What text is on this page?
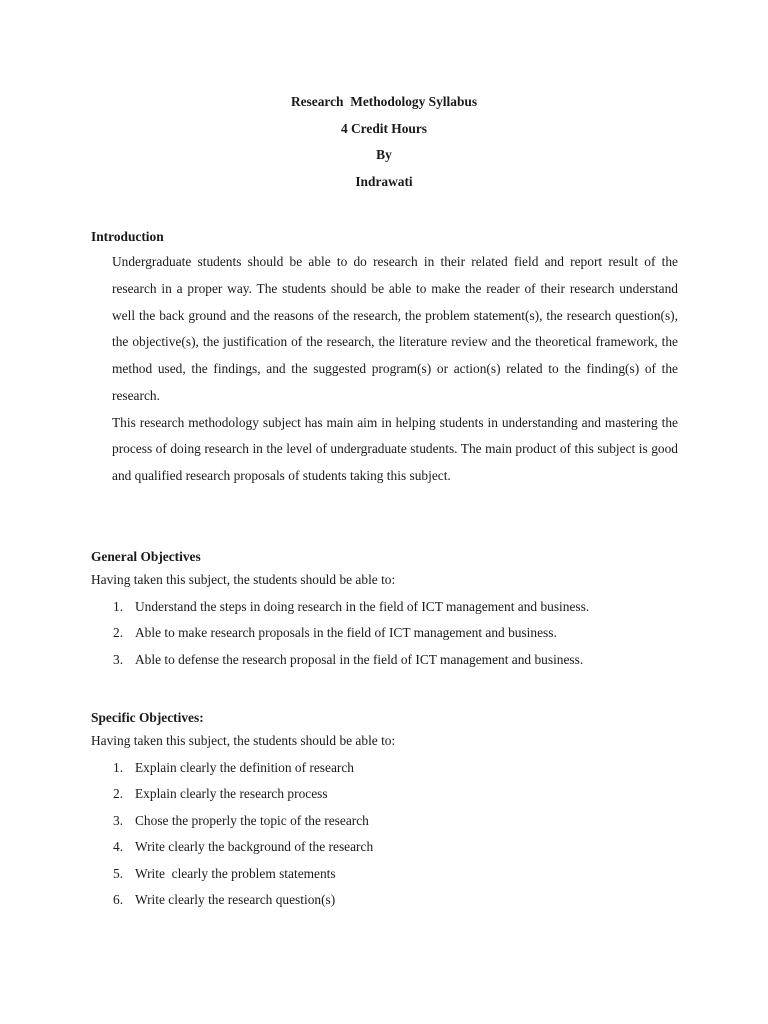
Research  Methodology Syllabus
4 Credit Hours
By
Indrawati
Introduction
Undergraduate students should be able to do research in their related field and report result of the research in a proper way. The students should be able to make the reader of their research understand well the back ground and the reasons of the research, the problem statement(s), the research question(s), the objective(s), the justification of the research, the literature review and the theoretical framework, the method used, the findings, and the suggested program(s) or action(s) related to the finding(s) of the research.
This research methodology subject has main aim in helping students in understanding and mastering the process of doing research in the level of undergraduate students. The main product of this subject is good and qualified research proposals of students taking this subject.
General Objectives
Having taken this subject, the students should be able to:
1. Understand the steps in doing research in the field of ICT management and business.
2. Able to make research proposals in the field of ICT management and business.
3. Able to defense the research proposal in the field of ICT management and business.
Specific Objectives:
Having taken this subject, the students should be able to:
1. Explain clearly the definition of research
2. Explain clearly the research process
3. Chose the properly the topic of the research
4. Write clearly the background of the research
5. Write  clearly the problem statements
6. Write clearly the research question(s)
